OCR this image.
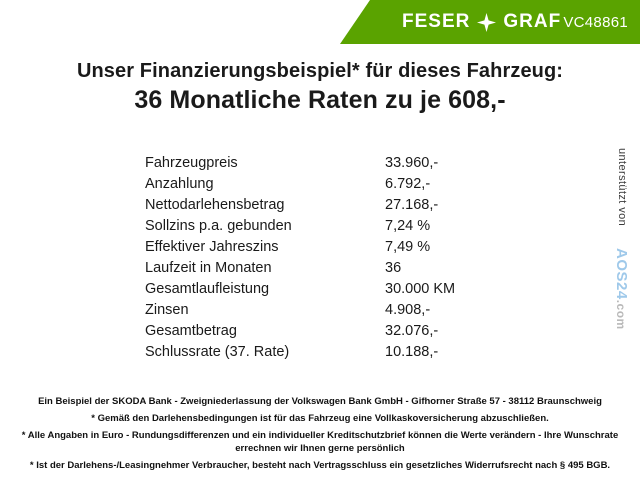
FESER GRAF VC48861
Unser Finanzierungsbeispiel* für dieses Fahrzeug:
36 Monatliche Raten zu je 608,-
Fahrzeugpreis	33.960,-
Anzahlung	6.792,-
Nettodarlehensbetrag	27.168,-
Sollzins p.a. gebunden	7,24 %
Effektiver Jahreszins	7,49 %
Laufzeit in Monaten	36
Gesamtlaufleistung	30.000 KM
Zinsen	4.908,-
Gesamtbetrag	32.076,-
Schlussrate (37. Rate)	10.188,-
unterstützt von
AOS24.com

Ein Beispiel der SKODA Bank - Zweigniederlassung der Volkswagen Bank GmbH - Gifhorner Straße 57 - 38112 Braunschweig

* Gemäß den Darlehensbedingungen ist für das Fahrzeug eine Vollkaskoversicherung abzuschließen.

* Alle Angaben in Euro - Rundungsdifferenzen und ein individueller Kreditschutzbrief können die Werte verändern - Ihre Wunschrate errechnen wir Ihnen gerne persönlich

* Ist der Darlehens-/Leasingnehmer Verbraucher, besteht nach Vertragsschluss ein gesetzliches Widerrufsrecht nach § 495 BGB.
